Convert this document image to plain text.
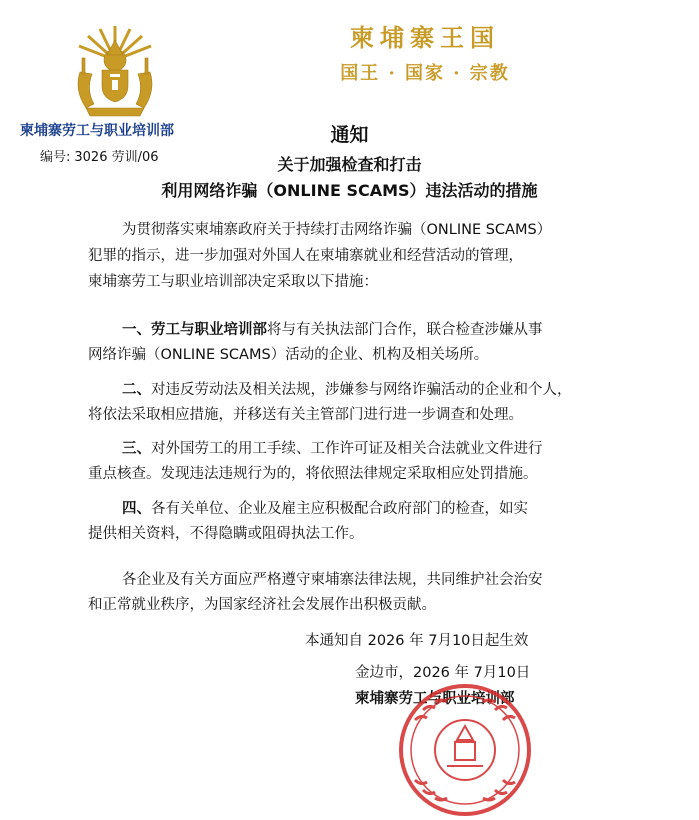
柬埔寨王国
国王 · 国家 · 宗教
柬埔寨劳工与职业培训部
编号: 3026 劳训/06
通知
关于加强检查和打击
利用网络诈骗（ONLINE SCAMS）违法活动的措施
为贯彻落实柬埔寨政府关于持续打击网络诈骗（ONLINE SCAMS）
犯罪的指示，进一步加强对外国人在柬埔寨就业和经营活动的管理，
柬埔寨劳工与职业培训部决定采取以下措施：
一、劳工与职业培训部将与有关执法部门合作，联合检查涉嫌从事
网络诈骗（ONLINE SCAMS）活动的企业、机构及相关场所。
二、对违反劳动法及相关法规，涉嫌参与网络诈骗活动的企业和个人，
将依法采取相应措施，并移送有关主管部门进行进一步调查和处理。
三、对外国劳工的用工手续、工作许可证及相关合法就业文件进行
重点核查。发现违法违规行为的，将依照法律规定采取相应处罚措施。
四、各有关单位、企业及雇主应积极配合政府部门的检查，如实
提供相关资料，不得隐瞒或阻碍执法工作。
各企业及有关方面应严格遵守柬埔寨法律法规，共同维护社会治安
和正常就业秩序，为国家经济社会发展作出积极贡献。
本通知自 2026 年 7月10日起生效
金边市，2026 年 7月10日
柬埔寨劳工与职业培训部
